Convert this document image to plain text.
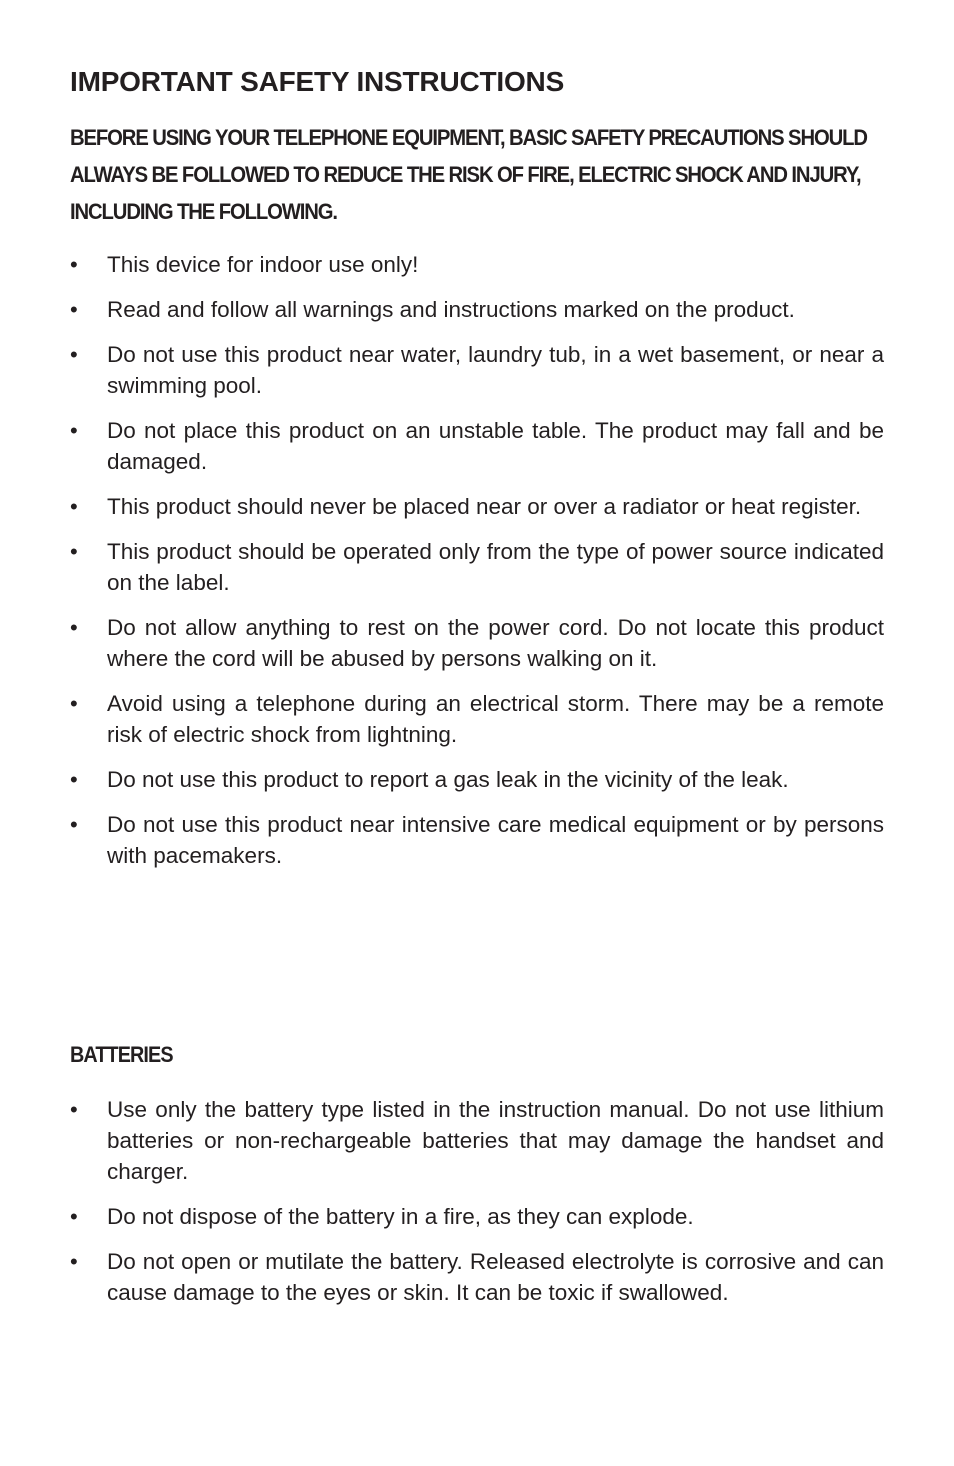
IMPORTANT SAFETY INSTRUCTIONS

BEFORE USING YOUR TELEPHONE EQUIPMENT, BASIC SAFETY PRECAUTIONS SHOULD
ALWAYS BE FOLLOWED TO REDUCE THE RISK OF FIRE, ELECTRIC SHOCK AND INJURY,
INCLUDING THE FOLLOWING.

• This device for indoor use only!
• Read and follow all warnings and instructions marked on the product.
• Do not use this product near water, laundry tub, in a wet basement, or near a swimming pool.
• Do not place this product on an unstable table. The product may fall and be damaged.
• This product should never be placed near or over a radiator or heat register.
• This product should be operated only from the type of power source indicated on the label.
• Do not allow anything to rest on the power cord. Do not locate this product where the cord will be abused by persons walking on it.
• Avoid using a telephone during an electrical storm. There may be a remote risk of electric shock from lightning.
• Do not use this product to report a gas leak in the vicinity of the leak.
• Do not use this product near intensive care medical equipment or by persons with pacemakers.
BATTERIES
• Use only the battery type listed in the instruction manual. Do not use lithium batteries or non-rechargeable batteries that may damage the handset and charger.
• Do not dispose of the battery in a fire, as they can explode.
• Do not open or mutilate the battery. Released electrolyte is corrosive and can cause damage to the eyes or skin. It can be toxic if swallowed.
